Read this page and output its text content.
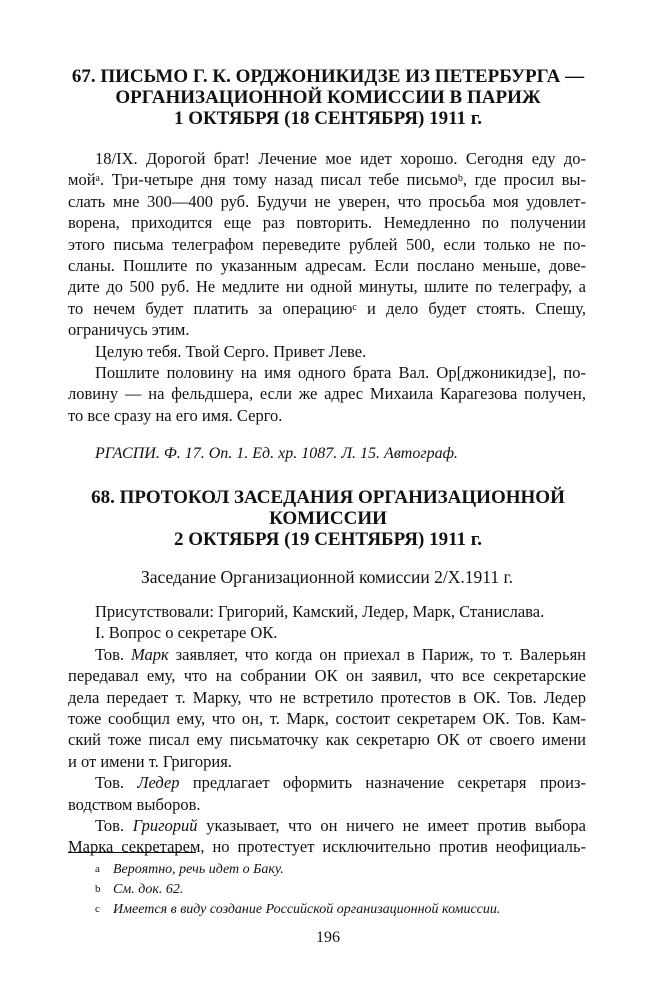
67. ПИСЬМО Г. К. ОРДЖОНИКИДЗЕ ИЗ ПЕТЕРБУРГА —
ОРГАНИЗАЦИОННОЙ КОМИССИИ В ПАРИЖ
1 ОКТЯБРЯ (18 СЕНТЯБРЯ) 1911 г.
18/IX. Дорогой брат! Лечение мое идет хорошо. Сегодня еду до-
мой$^a$. Три-четыре дня тому назад писал тебе письмо$^b$, где просил вы-
слать мне 300—400 руб. Будучи не уверен, что просьба моя удовлет-
ворена, приходится еще раз повторить. Немедленно по получении
этого письма телеграфом переведите рублей 500, если только не по-
сланы. Пошлите по указанным адресам. Если послано меньше, дове-
дите до 500 руб. Не медлите ни одной минуты, шлите по телеграфу, а
то нечем будет платить за операцию$^c$ и дело будет стоять. Спешу,
ограничусь этим.
Целую тебя. Твой Серго. Привет Леве.
Пошлите половину на имя одного брата Вал. Ор[джоникидзе], по-
ловину — на фельдшера, если же адрес Михаила Карагезова получен,
то все сразу на его имя. Серго.
РГАСПИ. Ф. 17. Оп. 1. Ед. хр. 1087. Л. 15. Автограф.
68. ПРОТОКОЛ ЗАСЕДАНИЯ ОРГАНИЗАЦИОННОЙ
КОМИССИИ
2 ОКТЯБРЯ (19 СЕНТЯБРЯ) 1911 г.
Заседание Организационной комиссии 2/X.1911 г.
Присутствовали: Григорий, Камский, Ледер, Марк, Станислава.
I. Вопрос о секретаре ОК.
Тов. Марк заявляет, что когда он приехал в Париж, то т. Валерьян
передавал ему, что на собрании ОК он заявил, что все секретарские
дела передает т. Марку, что не встретило протестов в ОК. Тов. Ледер
тоже сообщил ему, что он, т. Марк, состоит секретарем ОК. Тов. Кам-
ский тоже писал ему письматочку как секретарю ОК от своего имени
и от имени т. Григория.
Тов. Ледер предлагает оформить назначение секретаря произ-
водством выборов.
Тов. Григорий указывает, что он ничего не имеет против выбора
Марка секретарем, но протестует исключительно против неофициаль-
a Вероятно, речь идет о Баку.
b См. док. 62.
c Имеется в виду создание Российской организационной комиссии.
196
